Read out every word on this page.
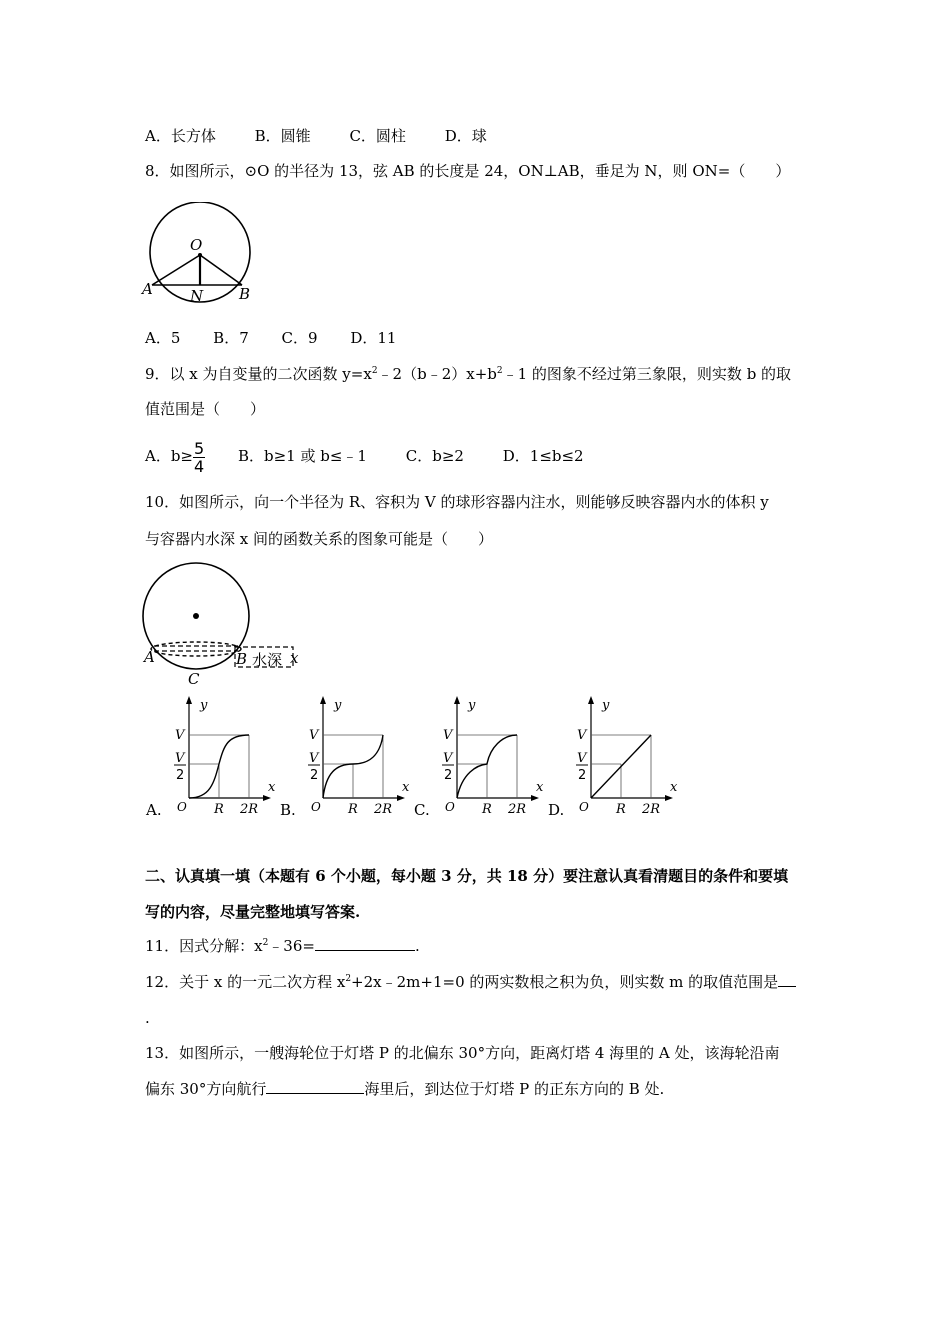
A．长方体	B．圆锥	C．圆柱	D．球
8．如图所示，⊙O 的半径为 13，弦 AB 的长度是 24，ON⊥AB，垂足为 N，则 ON=（　　）
O
A N B
A．5 B．7 C．9 D．11
9．以 x 为自变量的二次函数 $y=x^2﹣2(b﹣2)x+b^2﹣1$ 的图象不经过第三象限，则实数 b 的取
值范围是（　　）
A．$b\ge \frac{5}{4}$ B．b≥1 或 b≤﹣1	C．b≥2	D．1≤b≤2
10．如图所示，向一个半径为 R、容积为 V 的球形容器内注水，则能够反映容器内水的体积 y
与容器内水深 x 间的函数关系的图象可能是（　　）
A	B 水深 x
C
A.
y
x
V
V
2
O R 2R B.
y
x
V
V
2
O R 2R C.
y
x
V
V
2
O R 2R D.
y
x
V
V
2
O R 2R
二、认真填一填（本题有 6 个小题，每小题 3 分，共 18 分）要注意认真看清题目的条件和要填
写的内容，尽量完整地填写答案.
11．因式分解：$x^2﹣36=$	.
12．关于 x 的一元二次方程 $x^2+2x﹣2m+1=0$ 的两实数根之积为负，则实数 m 的取值范围是
.
13．如图所示，一艘海轮位于灯塔 P 的北偏东 30°方向，距离灯塔 4 海里的 A 处，该海轮沿南
偏东 30°方向航行	海里后，到达位于灯塔 P 的正东方向的 B 处.
